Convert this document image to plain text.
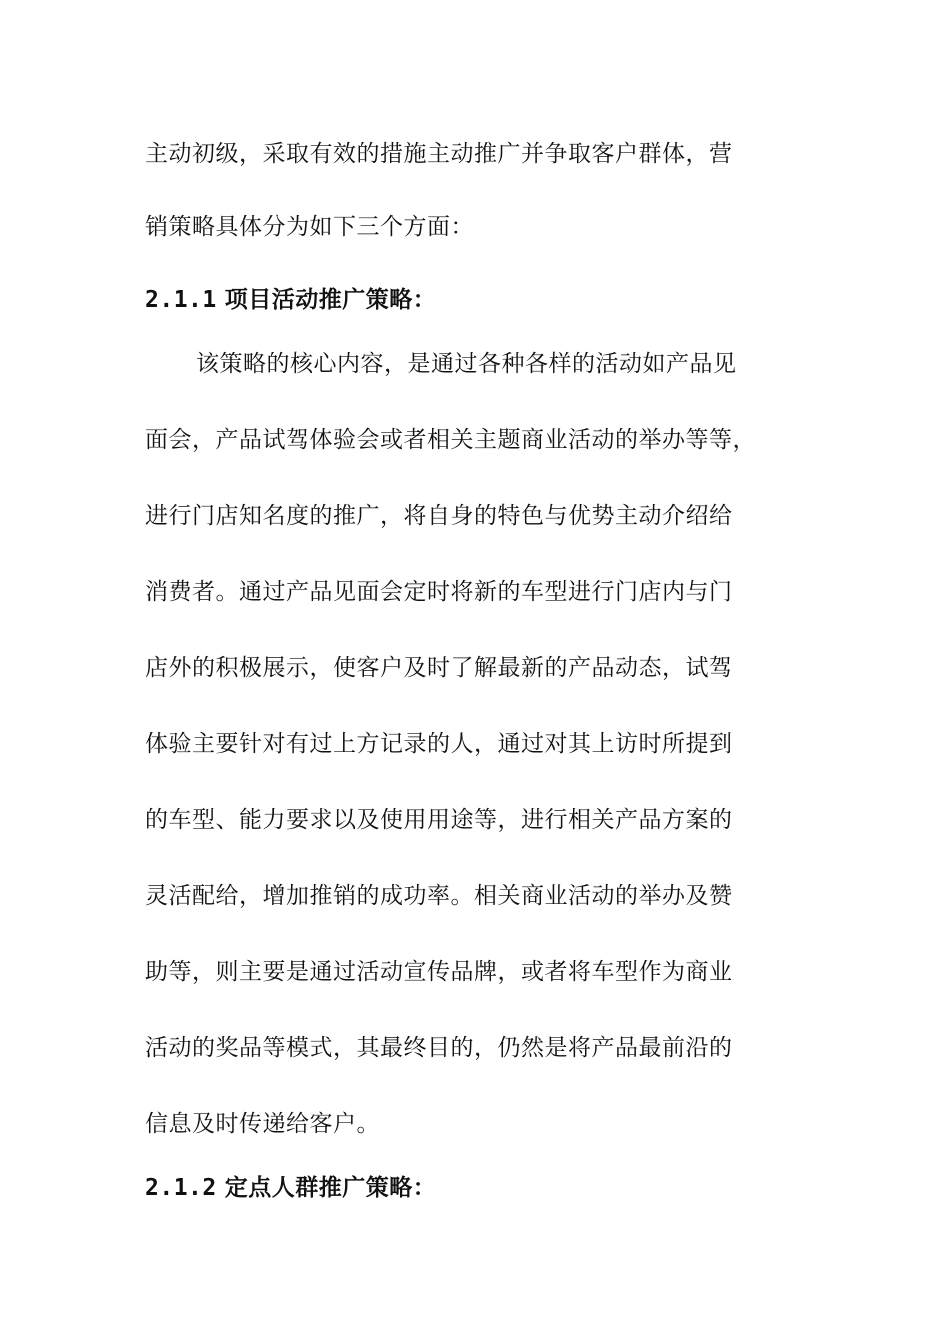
主动初级，采取有效的措施主动推广并争取客户群体，营
销策略具体分为如下三个方面：
2.1.1 项目活动推广策略：
该策略的核心内容，是通过各种各样的活动如产品见
面会，产品试驾体验会或者相关主题商业活动的举办等等，
进行门店知名度的推广，将自身的特色与优势主动介绍给
消费者。通过产品见面会定时将新的车型进行门店内与门
店外的积极展示，使客户及时了解最新的产品动态，试驾
体验主要针对有过上方记录的人，通过对其上访时所提到
的车型、能力要求以及使用用途等，进行相关产品方案的
灵活配给，增加推销的成功率。相关商业活动的举办及赞
助等，则主要是通过活动宣传品牌，或者将车型作为商业
活动的奖品等模式，其最终目的，仍然是将产品最前沿的
信息及时传递给客户。
2.1.2 定点人群推广策略：
